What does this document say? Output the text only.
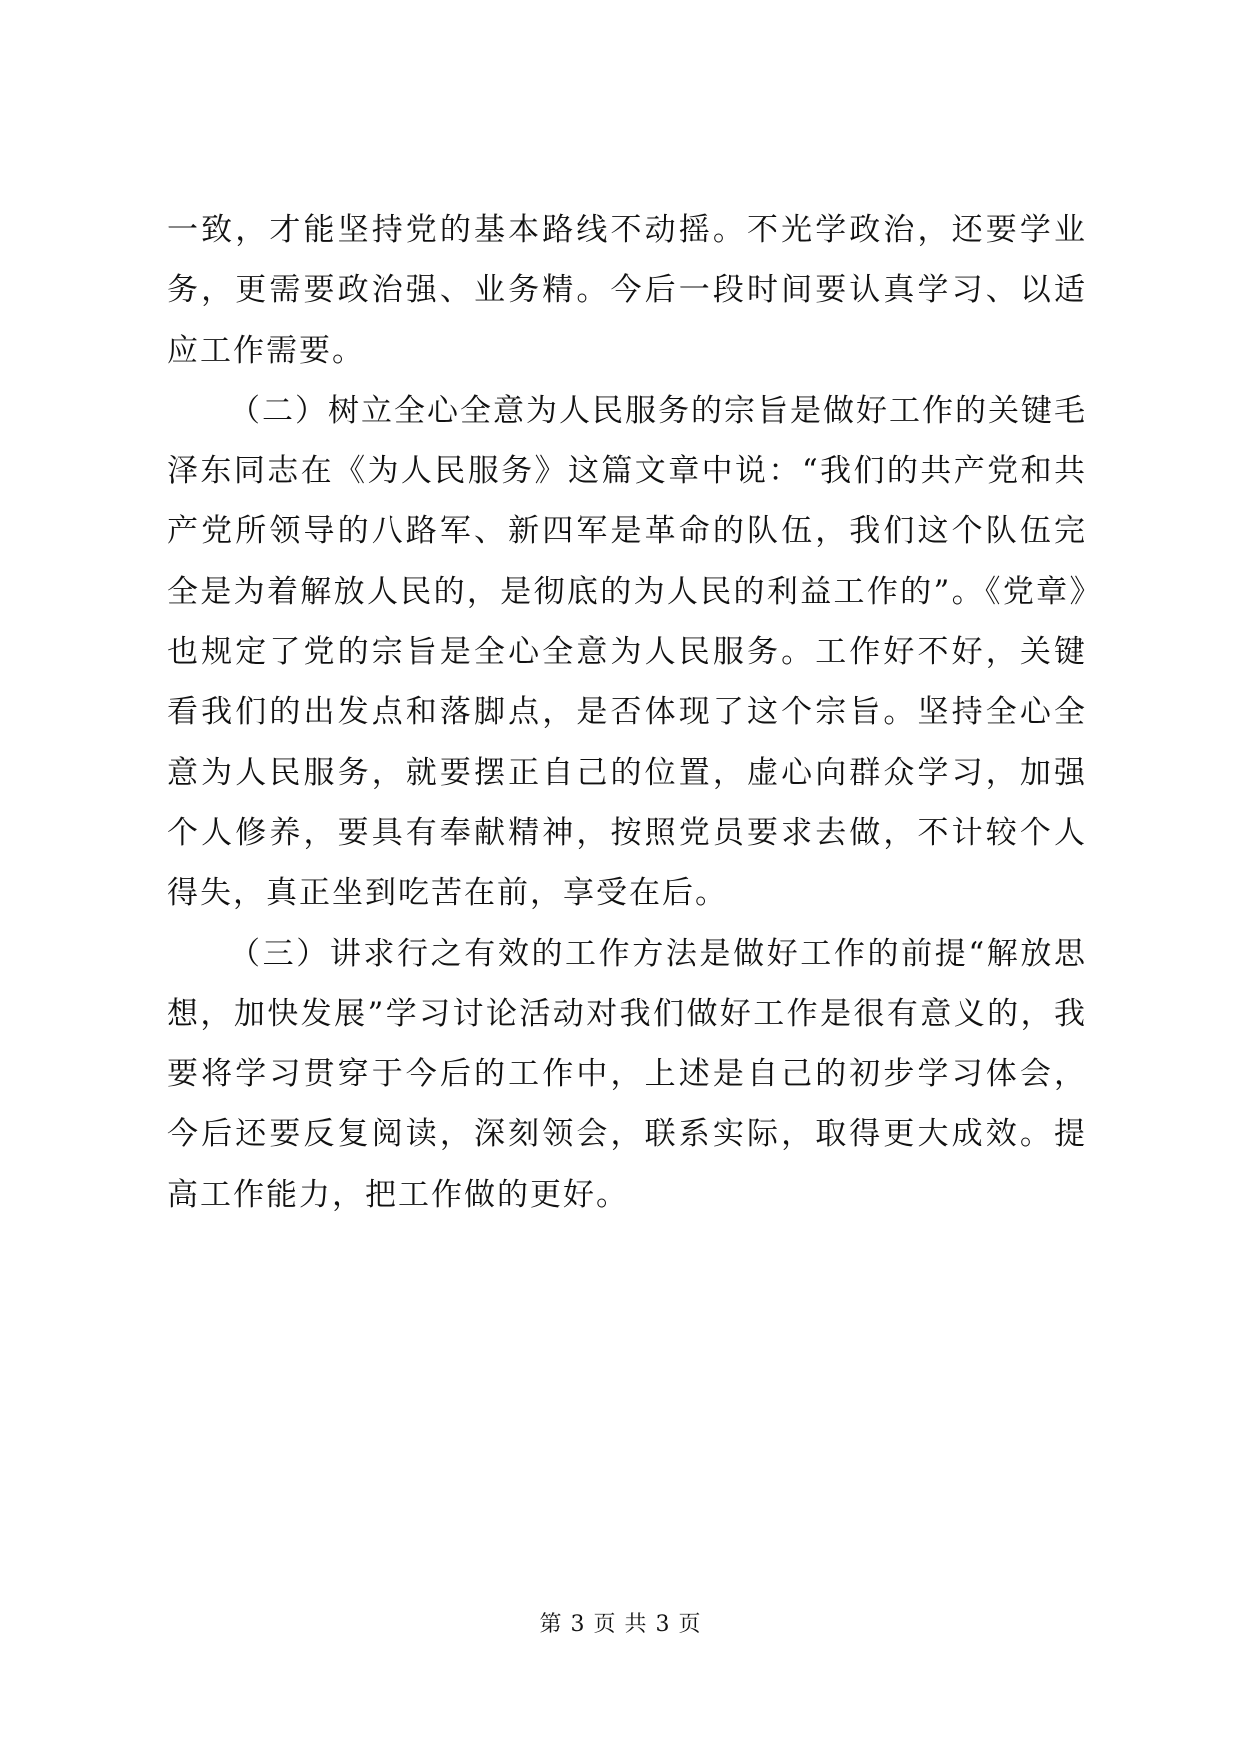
一致，才能坚持党的基本路线不动摇。不光学政治，还要学业务，更需要政治强、业务精。今后一段时间要认真学习、以适应工作需要。

（二）树立全心全意为人民服务的宗旨是做好工作的关键毛泽东同志在《为人民服务》这篇文章中说：“我们的共产党和共产党所领导的八路军、新四军是革命的队伍，我们这个队伍完全是为着解放人民的，是彻底的为人民的利益工作的”。《党章》也规定了党的宗旨是全心全意为人民服务。工作好不好，关键看我们的出发点和落脚点，是否体现了这个宗旨。坚持全心全意为人民服务，就要摆正自己的位置，虚心向群众学习，加强个人修养，要具有奉献精神，按照党员要求去做，不计较个人得失，真正坐到吃苦在前，享受在后。

（三）讲求行之有效的工作方法是做好工作的前提“解放思想，加快发展”学习讨论活动对我们做好工作是很有意义的，我要将学习贯穿于今后的工作中，上述是自己的初步学习体会，今后还要反复阅读，深刻领会，联系实际，取得更大成效。提高工作能力，把工作做的更好。

第 3 页 共 3 页
